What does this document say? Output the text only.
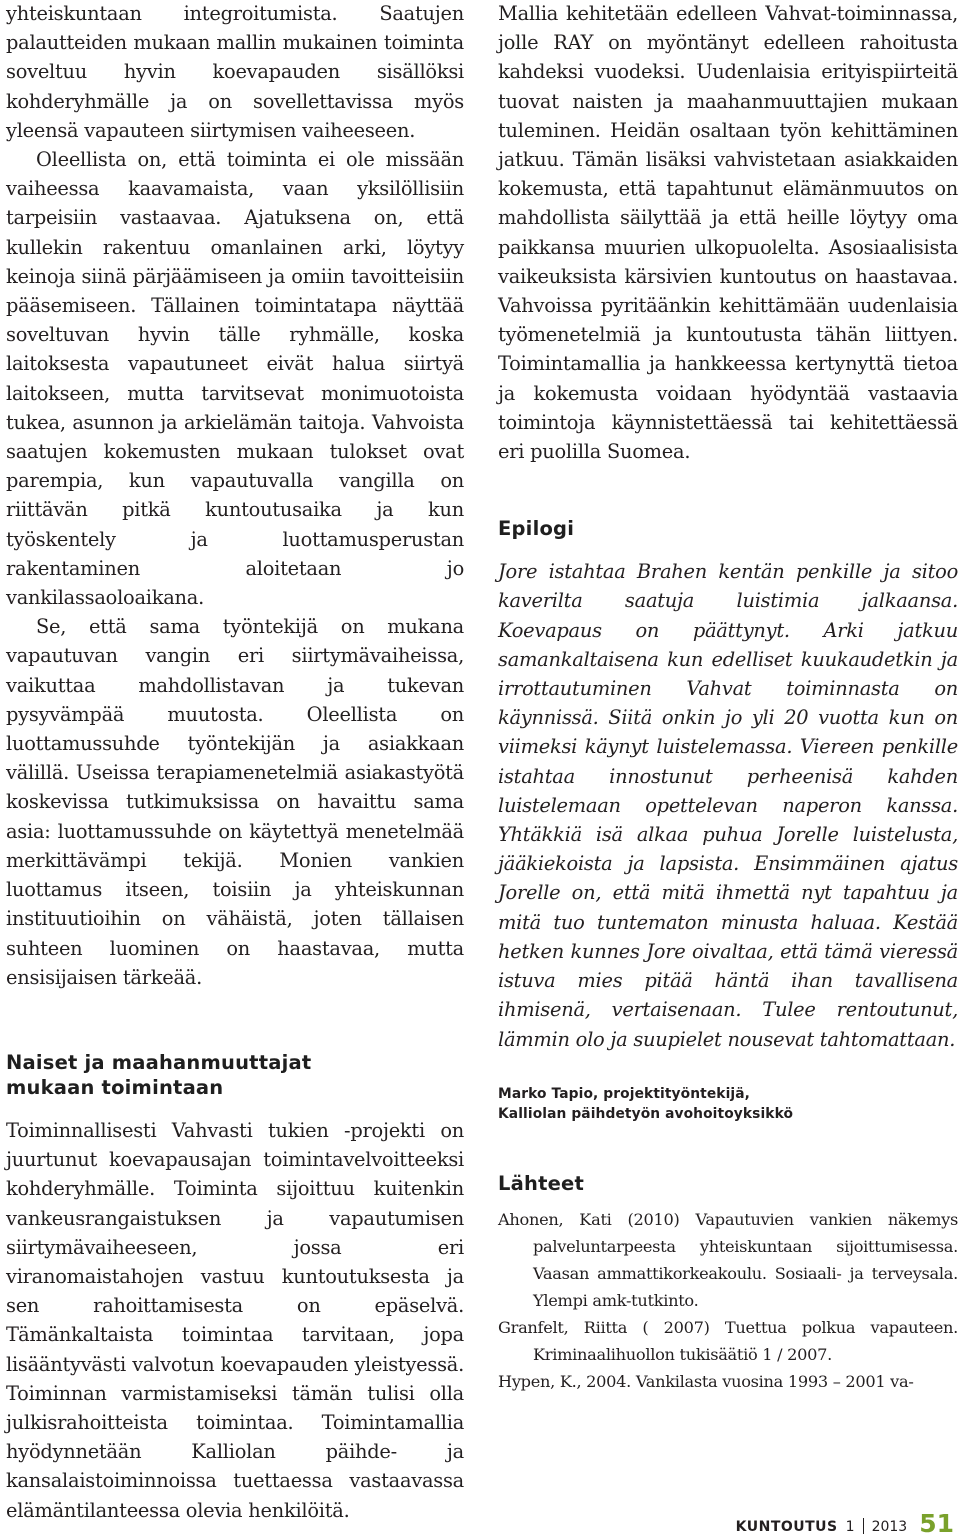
yhteiskuntaan integroitumista. Saatujen palautteiden mukaan mallin mukainen toiminta soveltuu hyvin koevapauden sisällöksi kohderyhmälle ja on sovellettavissa myös yleensä vapauteen siirtymisen vaiheeseen.

Oleellista on, että toiminta ei ole missään vaiheessa kaavamaista, vaan yksilöllisiin tarpeisiin vastaavaa. Ajatuksena on, että kullekin rakentuu omanlainen arki, löytyy keinoja siinä pärjäämiseen ja omiin tavoitteisiin pääsemiseen. Tällainen toimintatapa näyttää soveltuvan hyvin tälle ryhmälle, koska laitoksesta vapautuneet eivät halua siirtyä laitokseen, mutta tarvitsevat monimuotoista tukea, asunnon ja arkielämän taitoja. Vahvoista saatujen kokemusten mukaan tulokset ovat parempia, kun vapautuvalla vangilla on riittävän pitkä kuntoutusaika ja kun työskentely ja luottamusperustan rakentaminen aloitetaan jo vankilassaoloaikana.

Se, että sama työntekijä on mukana vapautuvan vangin eri siirtymävaiheissa, vaikuttaa mahdollistavan ja tukevan pysyvämpää muutosta. Oleellista on luottamussuhde työntekijän ja asiakkaan välillä. Useissa terapiamenetelmiä asiakastyötä koskevissa tutkimuksissa on havaittu sama asia: luottamussuhde on käytettyä menetelmää merkittävämpi tekijä. Monien vankien luottamus itseen, toisiin ja yhteiskunnan instituutioihin on vähäistä, joten tällaisen suhteen luominen on haastavaa, mutta ensisijaisen tärkeää.

Naiset ja maahanmuuttajat mukaan toimintaan

Toiminnallisesti Vahvasti tukien -projekti on juurtunut koevapausajan toimintavelvoitteeksi kohderyhmälle. Toiminta sijoittuu kuitenkin vankeusrangaistuksen ja vapautumisen siirtymävaiheeseen, jossa eri viranomaistahojen vastuu kuntoutuksesta ja sen rahoittamisesta on epäselvä. Tämänkaltaista toimintaa tarvitaan, jopa lisääntyvästi valvotun koevapauden yleistyessä. Toiminnan varmistamiseksi tämän tulisi olla julkisrahoitteista toimintaa. Toimintamallia hyödynnetään Kalliolan päihde- ja kansalaistoiminnoissa tuettaessa vastaavassa elämäntilanteessa olevia henkilöitä.

Mallia kehitetään edelleen Vahvat-toiminnassa, jolle RAY on myöntänyt edelleen rahoitusta kahdeksi vuodeksi. Uudenlaisia erityispiirteitä tuovat naisten ja maahanmuuttajien mukaan tuleminen. Heidän osaltaan työn kehittäminen jatkuu. Tämän lisäksi vahvistetaan asiakkaiden kokemusta, että tapahtunut elämänmuutos on mahdollista säilyttää ja että heille löytyy oma paikkansa muurien ulkopuolelta. Asosiaalisista vaikeuksista kärsivien kuntoutus on haastavaa. Vahvoissa pyritäänkin kehittämään uudenlaisia työmenetelmiä ja kuntoutusta tähän liittyen. Toimintamallia ja hankkeessa kertynyttä tietoa ja kokemusta voidaan hyödyntää vastaavia toimintoja käynnistettäessä tai kehitettäessä eri puolilla Suomea.

Epilogi

Jore istahtaa Brahen kentän penkille ja sitoo kaverilta saatuja luistimia jalkaansa. Koevapaus on päättynyt. Arki jatkuu samankaltaisena kun edelliset kuukaudetkin ja irrottautuminen Vahvat toiminnasta on käynnissä. Siitä onkin jo yli 20 vuotta kun on viimeksi käynyt luistelemassa. Viereen penkille istahtaa innostunut perheenisä kahden luistelemaan opettelevan naperon kanssa. Yhtäkkiä isä alkaa puhua Jorelle luistelusta, jääkiekoista ja lapsista. Ensimmäinen ajatus Jorelle on, että mitä ihmettä nyt tapahtuu ja mitä tuo tuntematon minusta haluaa. Kestää hetken kunnes Jore oivaltaa, että tämä vieressä istuva mies pitää häntä ihan tavallisena ihmisenä, vertaisenaan. Tulee rentoutunut, lämmin olo ja suupielet nousevat tahtomattaan.

Marko Tapio, projektityöntekijä,

Kalliolan päihdetyön avohoitoyksikkö

Lähteet
Ahonen, Kati (2010) Vapautuvien vankien näkemys palveluntarpeesta yhteiskuntaan sijoittumisessa. Vaasan ammattikorkeakoulu. Sosiaali- ja terveysala. Ylempi amk-tutkinto.
Granfelt, Riitta ( 2007) Tuettua polkua vapauteen. Kriminaalihuollon tukisäätiö 1 / 2007.
Hypen, K., 2004. Vankilasta vuosina 1993 – 2001 va-
KUNTOUTUS 1 2013 51
